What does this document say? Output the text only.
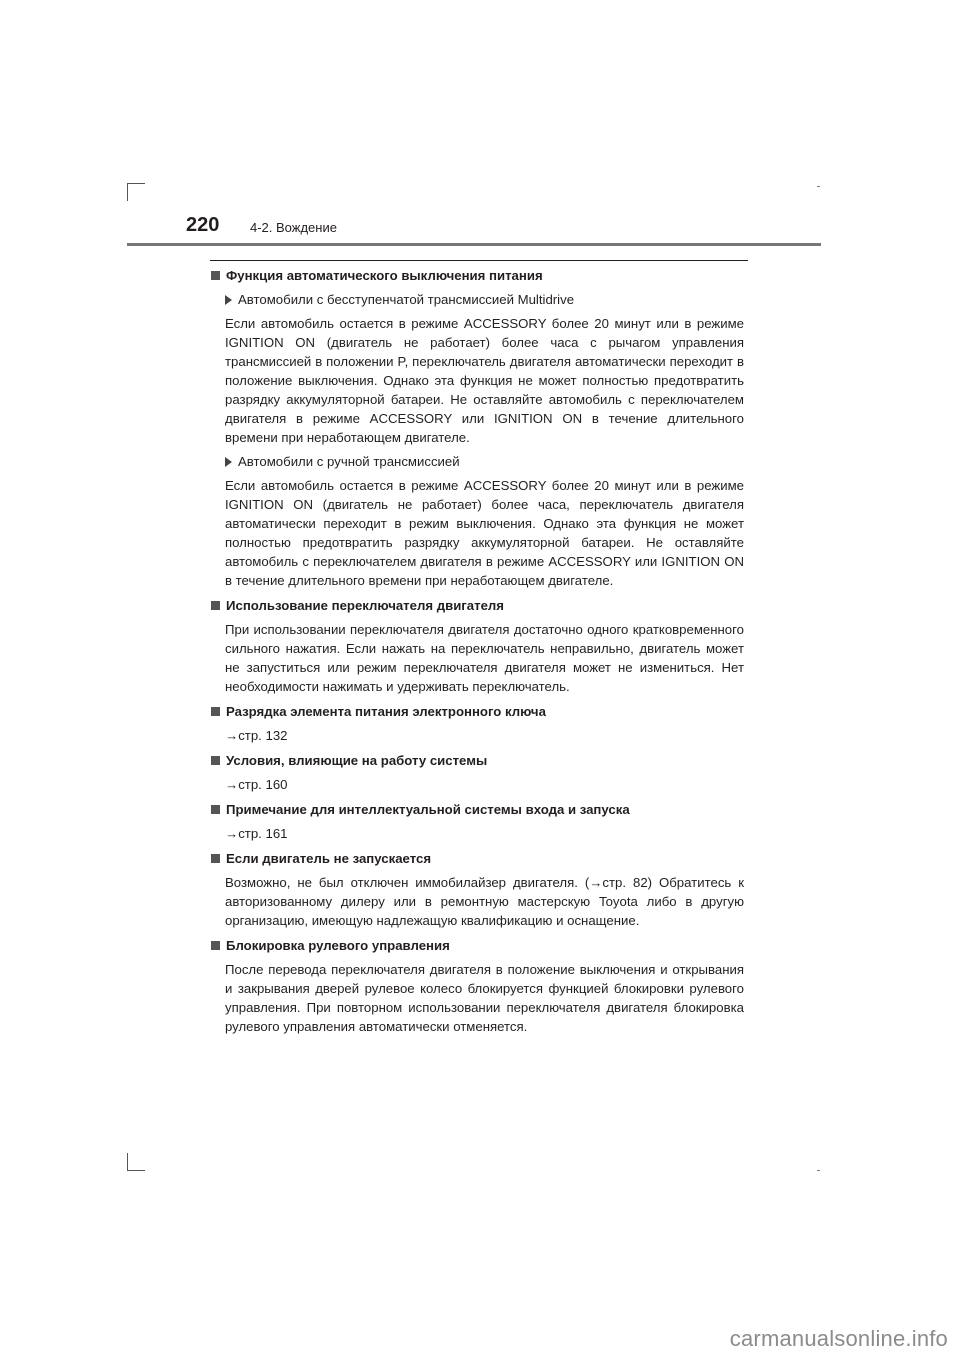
220 4-2. Вождение
Функция автоматического выключения питания
Автомобили с бесступенчатой трансмиссией Multidrive
Если автомобиль остается в режиме ACCESSORY более 20 минут или в режиме IGNITION ON (двигатель не работает) более часа с рычагом управления трансмиссией в положении P, переключатель двигателя автоматически переходит в положение выключения. Однако эта функция не может полностью предотвратить разрядку аккумуляторной батареи. Не оставляйте автомобиль с переключателем двигателя в режиме ACCESSORY или IGNITION ON в течение длительного времени при неработающем двигателе.
Автомобили с ручной трансмиссией
Если автомобиль остается в режиме ACCESSORY более 20 минут или в режиме IGNITION ON (двигатель не работает) более часа, переключатель двигателя автоматически переходит в режим выключения. Однако эта функция не может полностью предотвратить разрядку аккумуляторной батареи. Не оставляйте автомобиль с переключателем двигателя в режиме ACCESSORY или IGNITION ON в течение длительного времени при неработающем двигателе.
Использование переключателя двигателя
При использовании переключателя двигателя достаточно одного кратковременного сильного нажатия. Если нажать на переключатель неправильно, двигатель может не запуститься или режим переключателя двигателя может не измениться. Нет необходимости нажимать и удерживать переключатель.
Разрядка элемента питания электронного ключа
→стр. 132
Условия, влияющие на работу системы
→стр. 160
Примечание для интеллектуальной системы входа и запуска
→стр. 161
Если двигатель не запускается
Возможно, не был отключен иммобилайзер двигателя. (→стр. 82) Обратитесь к авторизованному дилеру или в ремонтную мастерскую Toyota либо в другую организацию, имеющую надлежащую квалификацию и оснащение.
Блокировка рулевого управления
После перевода переключателя двигателя в положение выключения и открывания и закрывания дверей рулевое колесо блокируется функцией блокировки рулевого управления. При повторном использовании переключателя двигателя блокировка рулевого управления автоматически отменяется.
carmanualsonline.info
